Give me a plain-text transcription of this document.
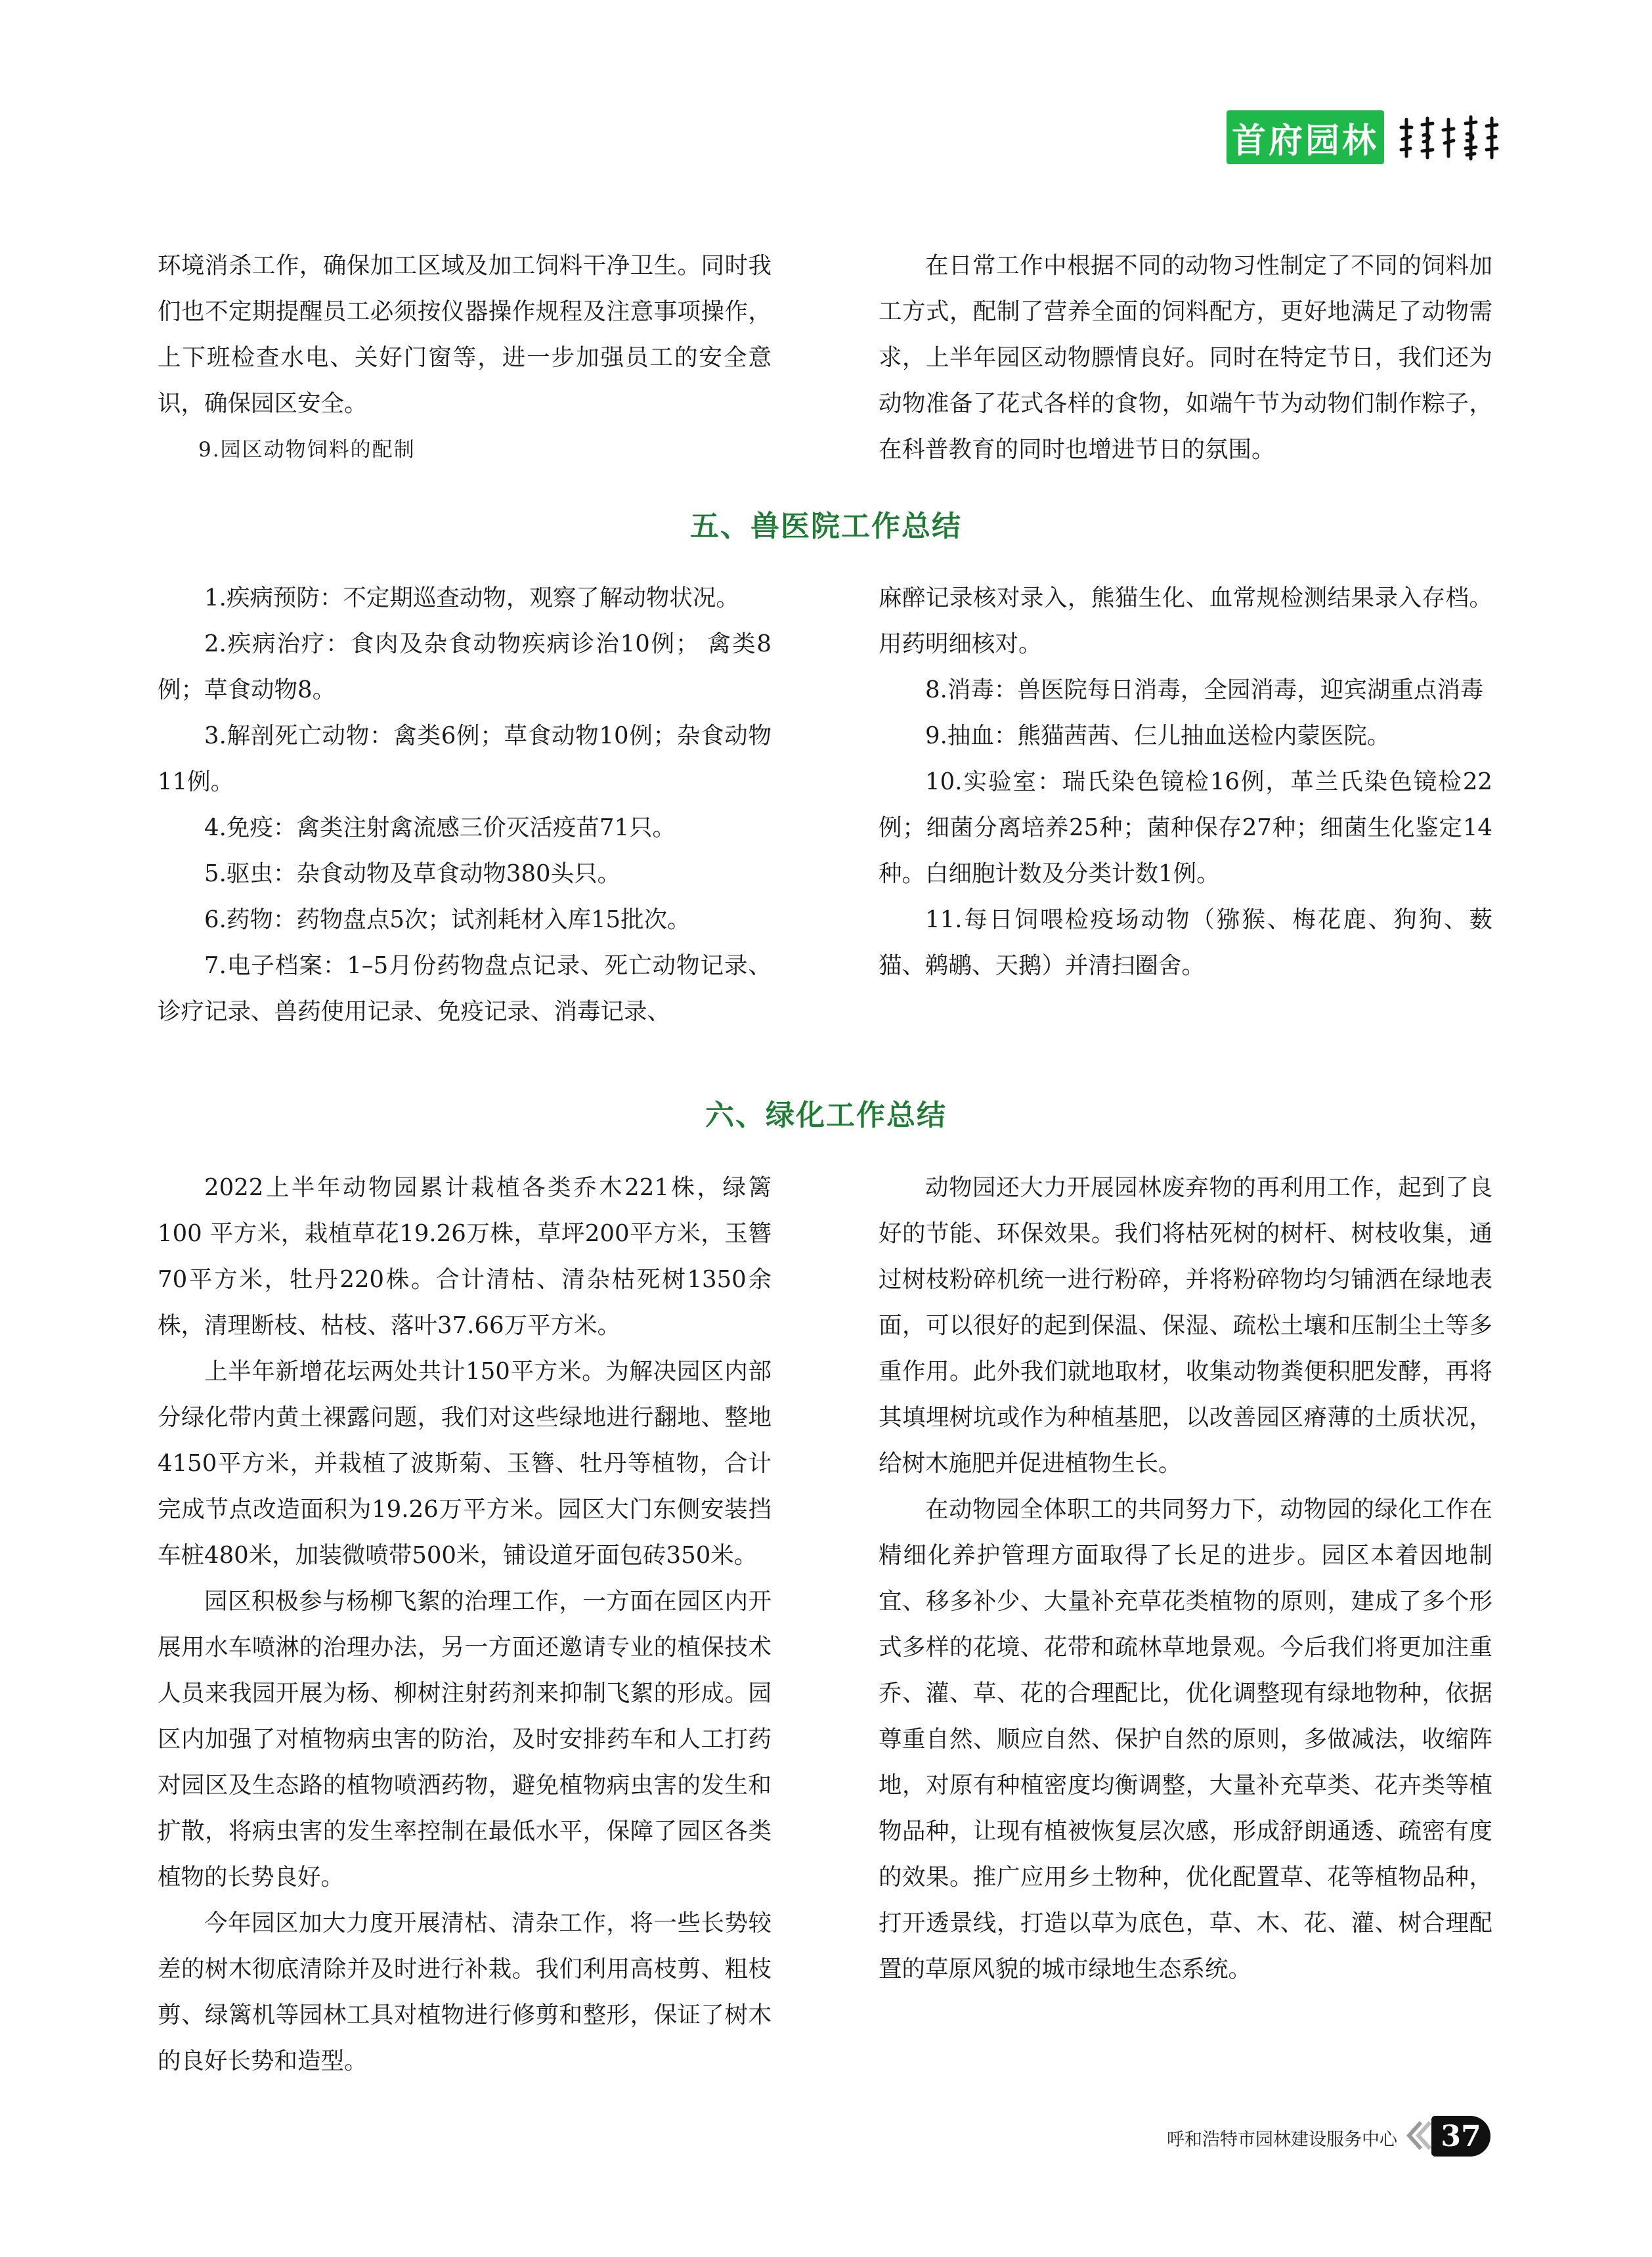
首府园林

环境消杀工作，确保加工区域及加工饲料干净卫生。同时我们也不定期提醒员工必须按仪器操作规程及注意事项操作，上下班检查水电、关好门窗等，进一步加强员工的安全意识，确保园区安全。

9.园区动物饲料的配制

在日常工作中根据不同的动物习性制定了不同的饲料加工方式，配制了营养全面的饲料配方，更好地满足了动物需求，上半年园区动物膘情良好。同时在特定节日，我们还为动物准备了花式各样的食物，如端午节为动物们制作粽子，在科普教育的同时也增进节日的氛围。

五、兽医院工作总结

1.疾病预防：不定期巡查动物，观察了解动物状况。

2.疾病治疗：食肉及杂食动物疾病诊治10例； 禽类8例；草食动物8。

3.解剖死亡动物：禽类6例；草食动物10例；杂食动物11例。

4.免疫：禽类注射禽流感三价灭活疫苗71只。

5.驱虫：杂食动物及草食动物380头只。

6.药物：药物盘点5次；试剂耗材入库15批次。

7.电子档案：1–5月份药物盘点记录、死亡动物记录、诊疗记录、兽药使用记录、免疫记录、消毒记录、

麻醉记录核对录入，熊猫生化、血常规检测结果录入存档。用药明细核对。

8.消毒：兽医院每日消毒，全园消毒，迎宾湖重点消毒

9.抽血：熊猫茜茜、仨儿抽血送检内蒙医院。

10.实验室：瑞氏染色镜检16例，革兰氏染色镜检22例；细菌分离培养25种；菌种保存27种；细菌生化鉴定14种。白细胞计数及分类计数1例。

11.每日饲喂检疫场动物（猕猴、梅花鹿、狗狗、薮猫、鹈鹕、天鹅）并清扫圈舍。

六、绿化工作总结

2022上半年动物园累计栽植各类乔木221株，绿篱100 平方米，栽植草花19.26万株，草坪200平方米，玉簪70平方米，牡丹220株。合计清枯、清杂枯死树1350余株，清理断枝、枯枝、落叶37.66万平方米。

上半年新增花坛两处共计150平方米。为解决园区内部分绿化带内黄土裸露问题，我们对这些绿地进行翻地、整地4150平方米，并栽植了波斯菊、玉簪、牡丹等植物，合计完成节点改造面积为19.26万平方米。园区大门东侧安装挡车桩480米，加装微喷带500米，铺设道牙面包砖350米。

园区积极参与杨柳飞絮的治理工作，一方面在园区内开展用水车喷淋的治理办法，另一方面还邀请专业的植保技术人员来我园开展为杨、柳树注射药剂来抑制飞絮的形成。园区内加强了对植物病虫害的防治，及时安排药车和人工打药对园区及生态路的植物喷洒药物，避免植物病虫害的发生和扩散，将病虫害的发生率控制在最低水平，保障了园区各类植物的长势良好。

今年园区加大力度开展清枯、清杂工作，将一些长势较差的树木彻底清除并及时进行补栽。我们利用高枝剪、粗枝剪、绿篱机等园林工具对植物进行修剪和整形，保证了树木的良好长势和造型。

动物园还大力开展园林废弃物的再利用工作，起到了良好的节能、环保效果。我们将枯死树的树杆、树枝收集，通过树枝粉碎机统一进行粉碎，并将粉碎物均匀铺洒在绿地表面，可以很好的起到保温、保湿、疏松土壤和压制尘土等多重作用。此外我们就地取材，收集动物粪便积肥发酵，再将其填埋树坑或作为种植基肥，以改善园区瘠薄的土质状况，给树木施肥并促进植物生长。

在动物园全体职工的共同努力下，动物园的绿化工作在精细化养护管理方面取得了长足的进步。园区本着因地制宜、移多补少、大量补充草花类植物的原则，建成了多个形式多样的花境、花带和疏林草地景观。今后我们将更加注重乔、灌、草、花的合理配比，优化调整现有绿地物种，依据尊重自然、顺应自然、保护自然的原则，多做减法，收缩阵地，对原有种植密度均衡调整，大量补充草类、花卉类等植物品种，让现有植被恢复层次感，形成舒朗通透、疏密有度的效果。推广应用乡土物种，优化配置草、花等植物品种，打开透景线，打造以草为底色，草、木、花、灌、树合理配置的草原风貌的城市绿地生态系统。

呼和浩特市园林建设服务中心 37
